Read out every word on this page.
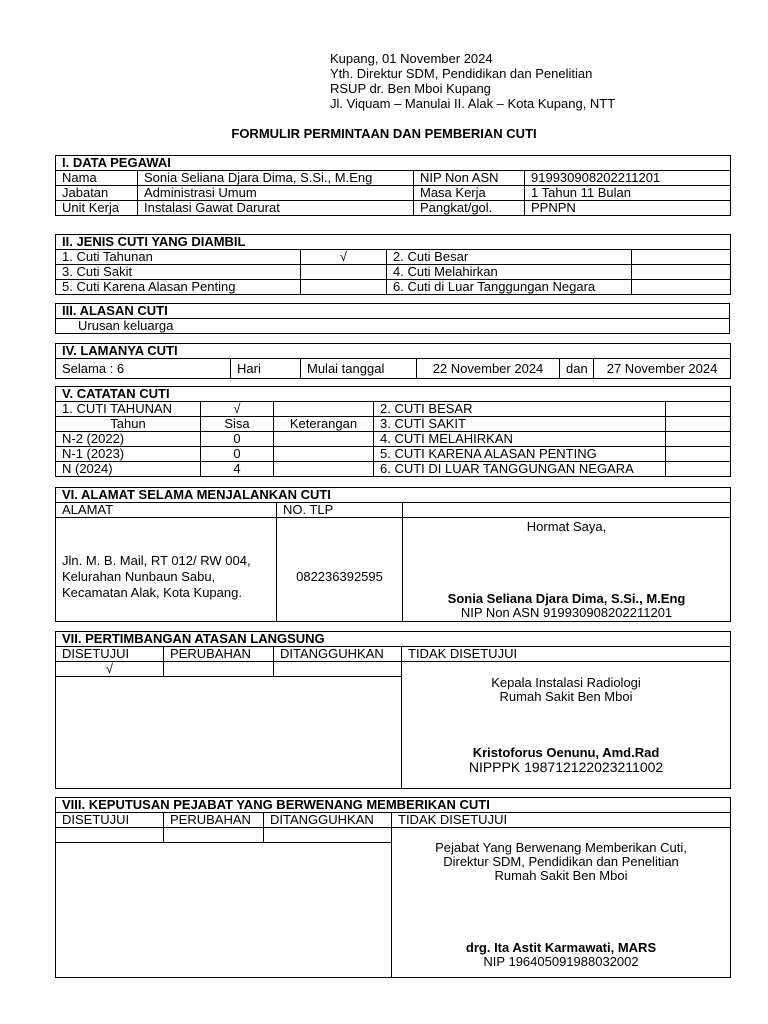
Kupang, 01 November 2024
Yth. Direktur SDM, Pendidikan dan Penelitian
RSUP dr. Ben Mboi Kupang
Jl. Viquam – Manulai II. Alak – Kota Kupang, NTT
FORMULIR PERMINTAAN DAN PEMBERIAN CUTI
I. DATA PEGAWAI			
Nama	Sonia Seliana Djara Dima, S.Si., M.Eng	NIP Non ASN	919930908202211201
Jabatan	Administrasi Umum	Masa Kerja	1 Tahun 11 Bulan
Unit Kerja	Instalasi Gawat Darurat	Pangkat/gol.	PPNPN
II. JENIS CUTI YANG DIAMBIL			
1. Cuti Tahunan	√	2. Cuti Besar	
3. Cuti Sakit		4. Cuti Melahirkan	
5. Cuti Karena Alasan Penting		6. Cuti di Luar Tanggungan Negara	
III. ALASAN CUTI
Urusan keluarga
IV. LAMANYA CUTI
Selama : 6	Hari	Mulai tanggal	22 November 2024	dan	27 November 2024
V. CATATAN CUTI				
1. CUTI TAHUNAN	√		2. CUTI BESAR	
Tahun	Sisa	Keterangan	3. CUTI SAKIT	
N-2 (2022)	0		4. CUTI MELAHIRKAN	
N-1 (2023)	0		5. CUTI KARENA ALASAN PENTING	
N (2024)	4		6. CUTI DI LUAR TANGGUNGAN NEGARA	
VI. ALAMAT SELAMA MENJALANKAN CUTI		
ALAMAT	NO. TLP	
Jln. M. B. Mail, RT 012/ RW 004, Kelurahan Nunbaun Sabu, Kecamatan Alak, Kota Kupang.	082236392595	Hormat Saya,
Sonia Seliana Djara Dima, S.Si., M.Eng
NIP Non ASN 919930908202211201
VII. PERTIMBANGAN ATASAN LANGSUNG			
DISETUJUI	PERUBAHAN	DITANGGUHKAN	TIDAK DISETUJUI
√			Kepala Instalasi Radiologi
Rumah Sakit Ben Mboi
Kristoforus Oenunu, Amd.Rad
NIPPPK 198712122023211002

VIII. KEPUTUSAN PEJABAT YANG BERWENANG MEMBERIKAN CUTI			
DISETUJUI	PERUBAHAN	DITANGGUHKAN	TIDAK DISETUJUI

			Pejabat Yang Berwenang Memberikan Cuti,
Direktur SDM, Pendidikan dan Penelitian
Rumah Sakit Ben Mboi
drg. Ita Astit Karmawati, MARS
NIP 196405091988032002
